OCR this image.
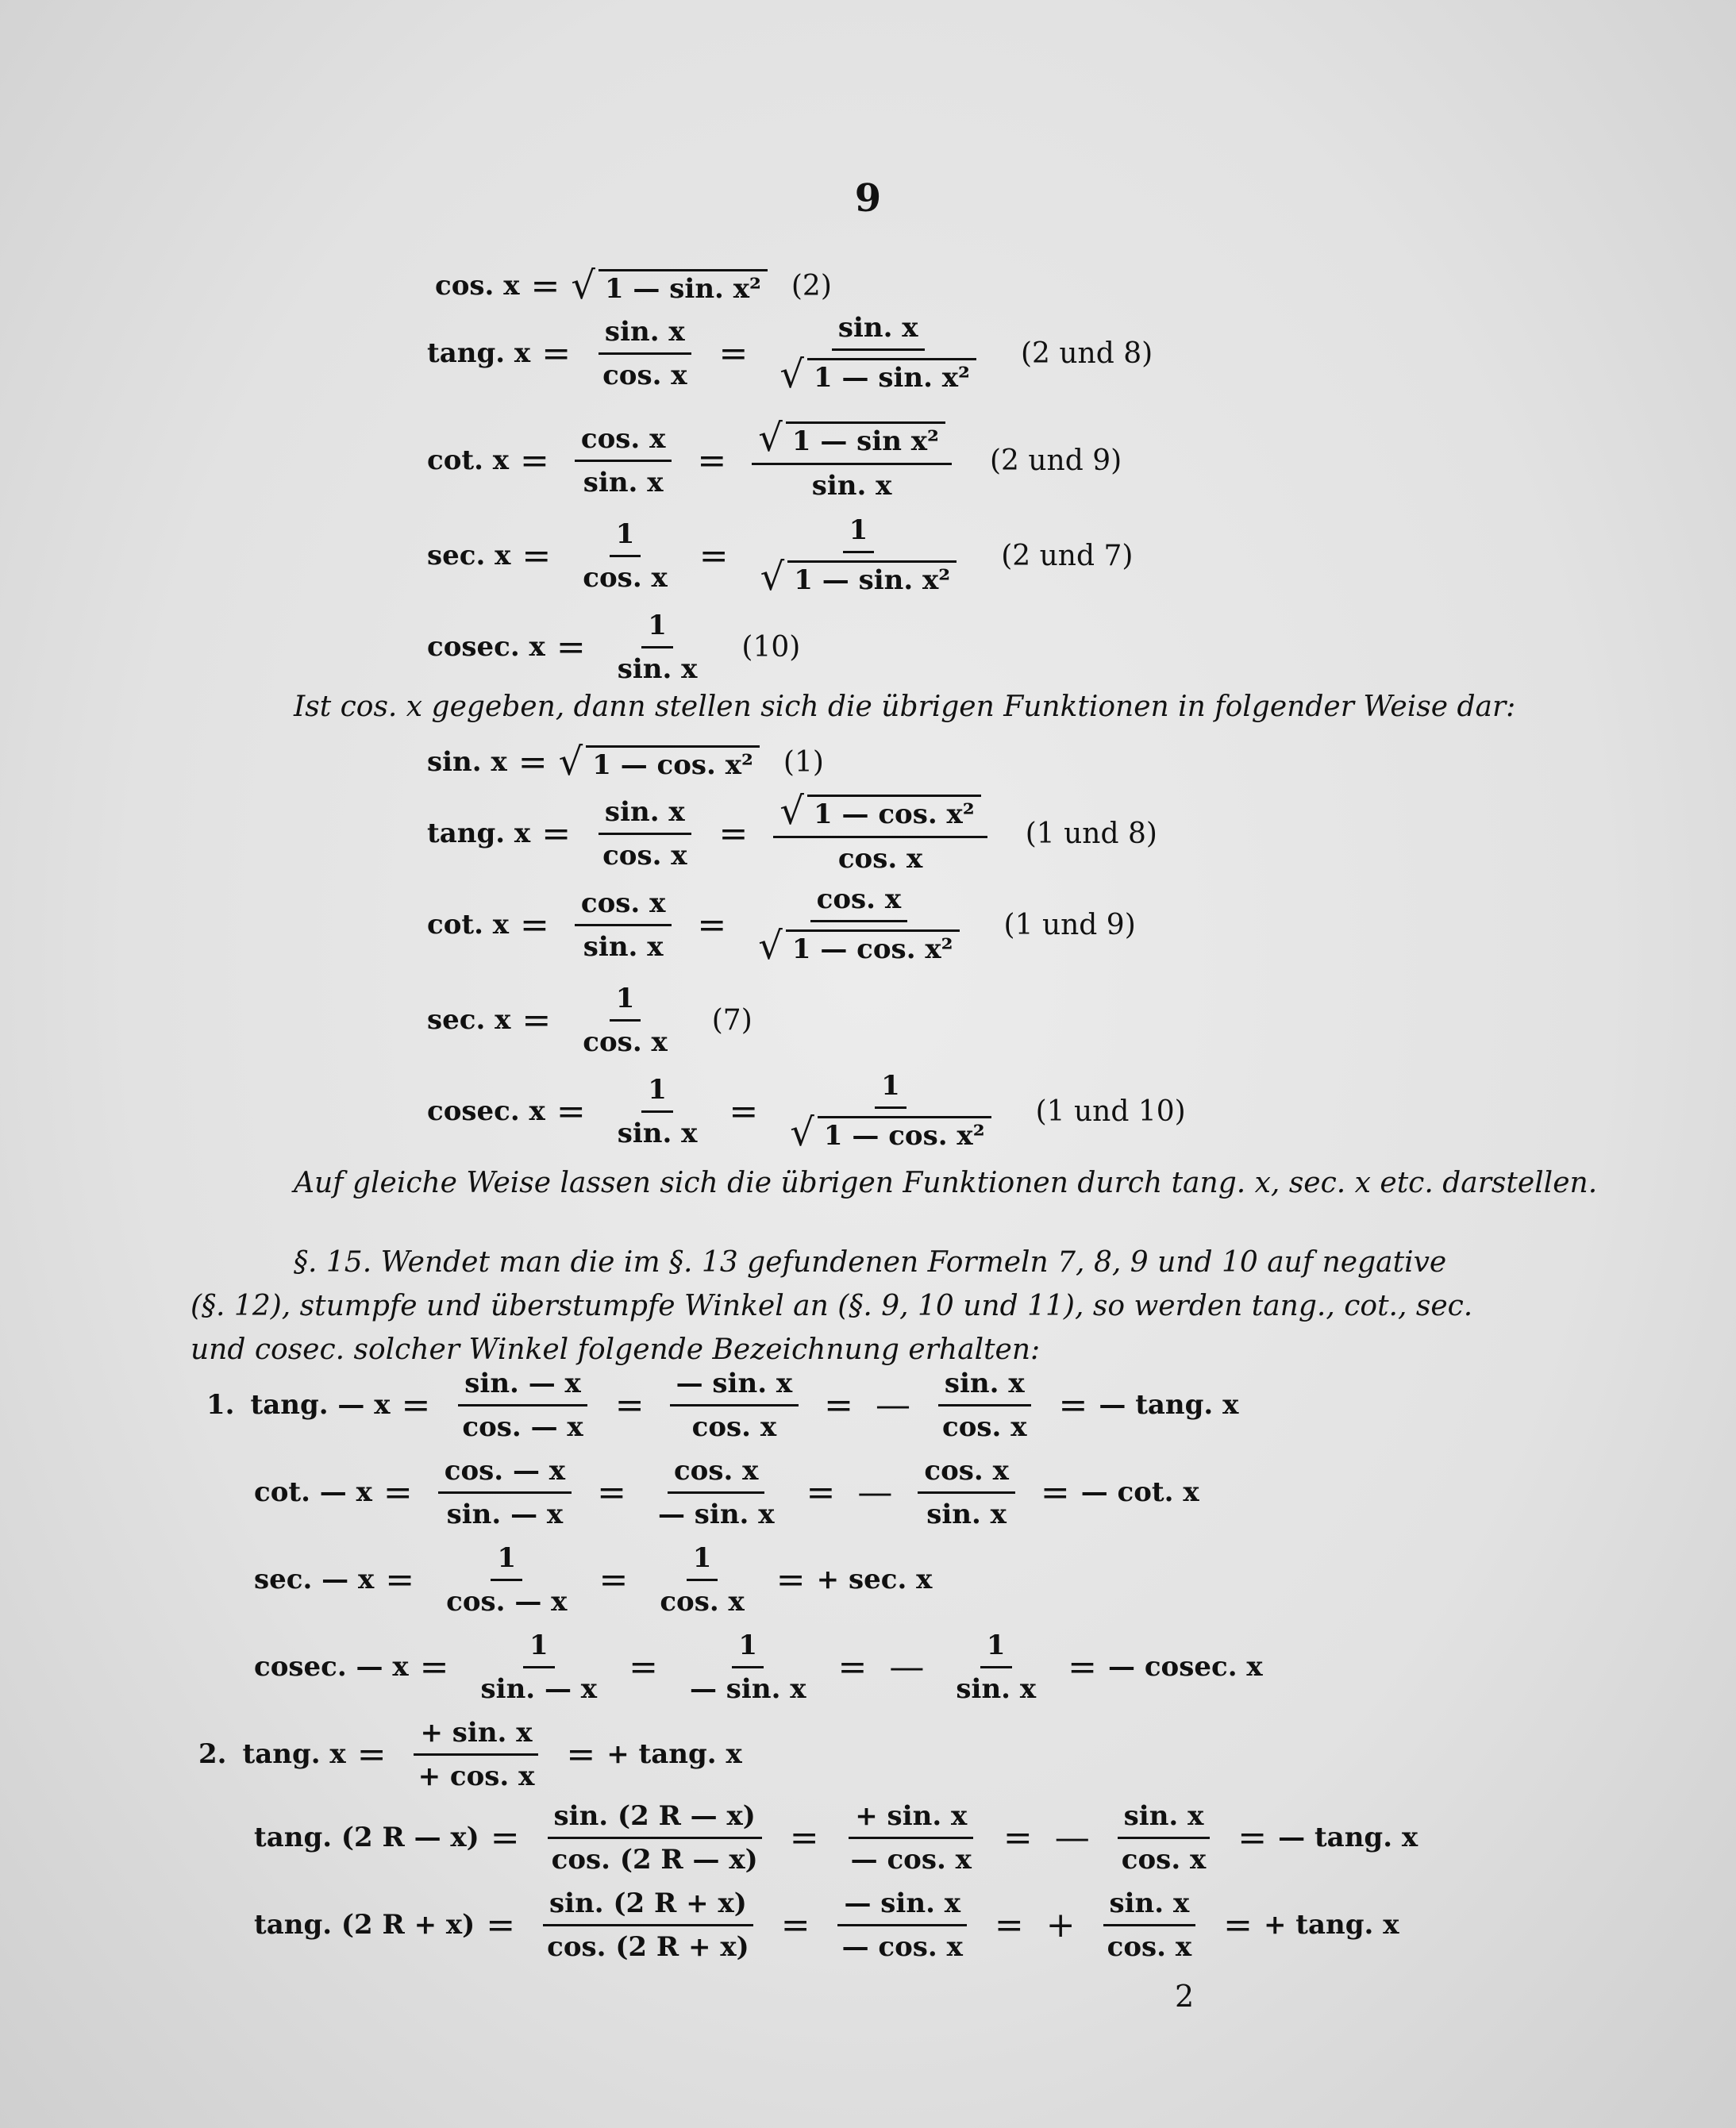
9
cos. x = √ 1 — sin. x² (2)
tang. $x = \frac{\sin. x}{\cos. x} = \frac{\sin. x}{\text{√ 1 — sin. x²}} (2$ und 8)
cot. $x = \frac{\cos. x}{\sin. x} = \frac{\text{√ 1 — sin x²}}{\sin. x} (2$ und 9)
sec. $x = \frac{1}{\cos. x} = \frac{1}{\text{√ 1 — sin. x²}} (2$ und 7)
cosec. $x = \frac{1}{\sin. x} (10)$
Ist cos. x gegeben, dann stellen sich die übrigen Funktionen in folgender Weise dar:
sin. x = √ 1 — cos. x² (1)
tang. $x = \frac{\sin. x}{\cos. x} = \frac{\text{√ 1 — cos. x²}}{\cos. x} (1$ und 8)
cot. $x = \frac{\cos. x}{\sin. x} = \frac{\cos. x}{\text{√ 1 — cos. x²}} (1$ und 9)
sec. $x = \frac{1}{\cos. x} (7)$
cosec. $x = \frac{1}{\sin. x} = \frac{1}{\text{√ 1 — cos. x²}} (1$ und 10)
Auf gleiche Weise lassen sich die übrigen Funktionen durch tang. x, sec. x etc. darstellen.
§. 15. Wendet man die im §. 13 gefundenen Formeln 7, 8, 9 und 10 auf negative
(§. 12), stumpfe und überstumpfe Winkel an (§. 9, 10 und 11), so werden tang., cot., sec.
und cosec. solcher Winkel folgende Bezeichnung erhalten:
1. tang. — $x = \frac{\sin. — x}{\cos. — x} = \frac{— \sin. x}{\cos. x}$ = — $\frac{\sin. x}{\cos. x}$ = — tang. x
cot. — $x = \frac{\cos. — x}{\sin. — x} = \frac{\cos. x}{— \sin. x}$ = — $\frac{\cos. x}{\sin. x}$ = — cot. x
sec. — $x = \frac{1}{\cos. — x} = \frac{1}{\cos. x}$ = + sec. x
cosec. — $x = \frac{1}{\sin. — x} = \frac{1}{— \sin. x}$ = — $\frac{1}{\sin. x}$ = — cosec. x
2. tang. $x = \frac{+ \sin. x}{+ \cos. x}$ = + tang. x
tang. (2 R — $x) = \frac{\sin. (2 R — x)}{\cos. (2 R — x)} = \frac{+ \sin. x}{— \cos. x}$ = — $\frac{\sin. x}{\cos. x}$ = — tang. x
tang. (2 $R + x) = \frac{\sin. (2 R + x)}{\cos. (2 R + x)} = \frac{— \sin. x}{— \cos. x}$ = + $\frac{\sin. x}{\cos. x}$ = + tang. x
2
